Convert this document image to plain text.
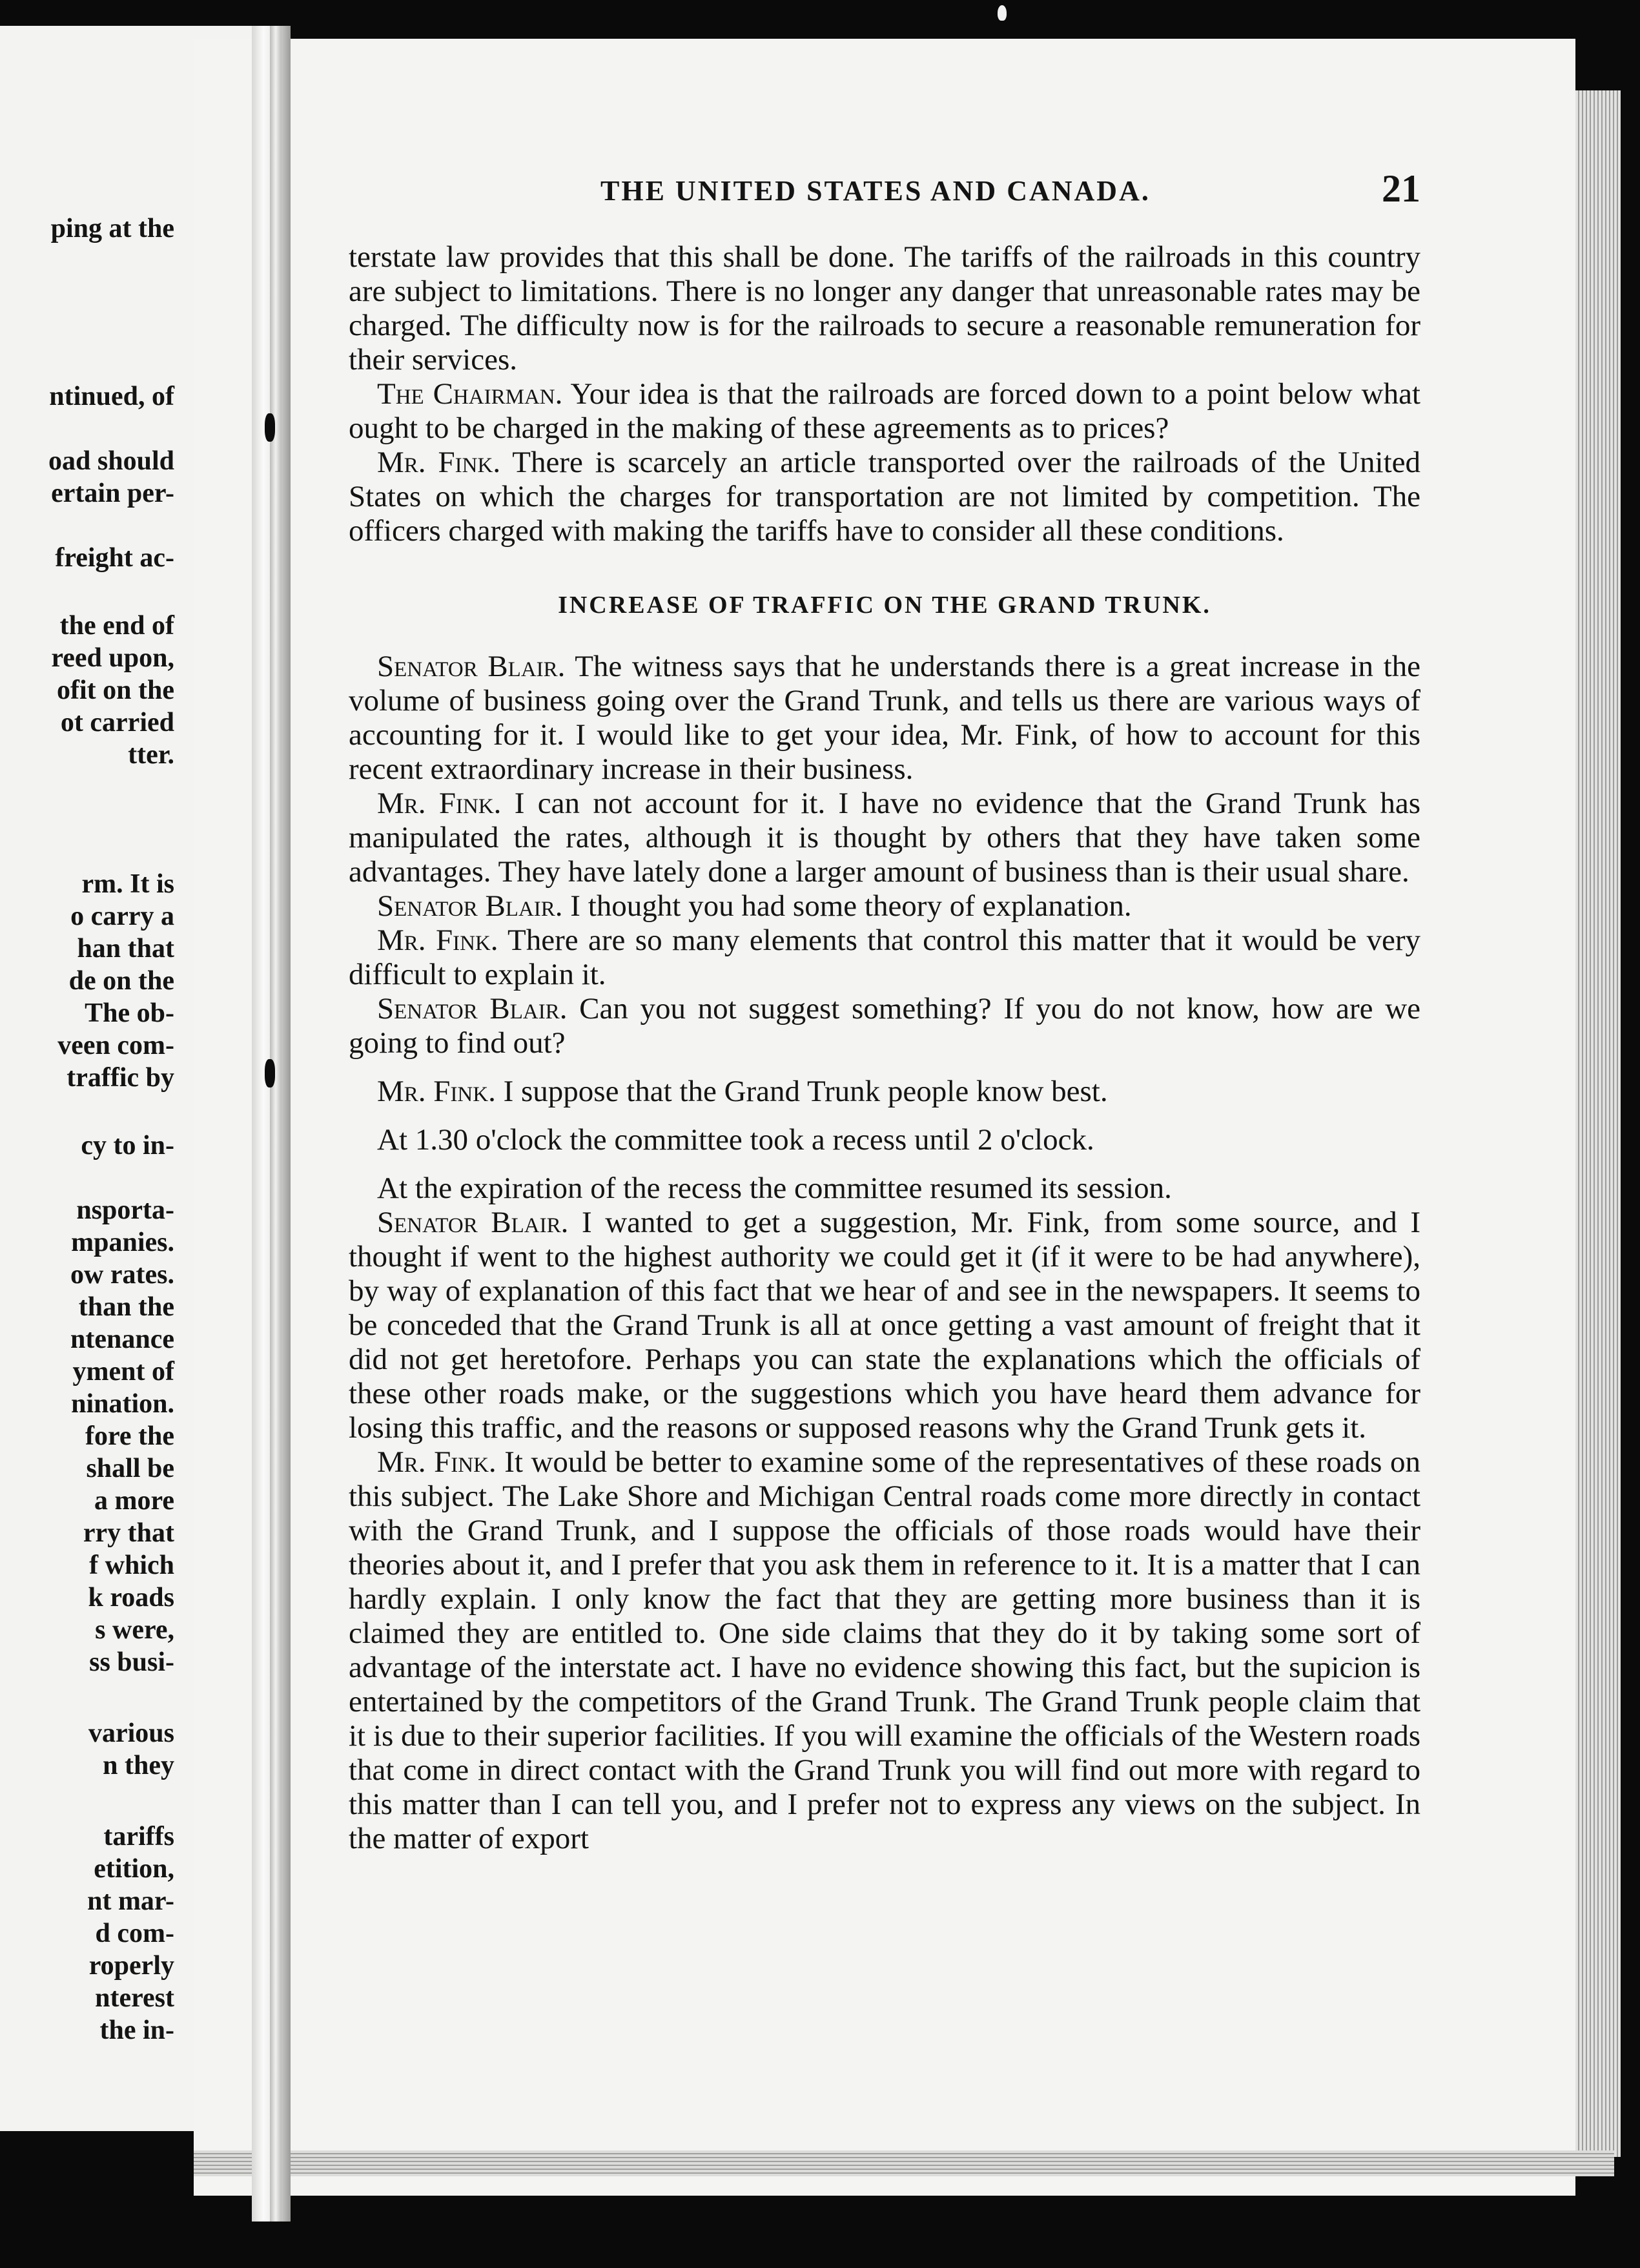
ping at the
ntinued, of
oad should
ertain per-
freight ac-
the end of
reed upon,
ofit on the
ot carried
tter.
rm. It is
o carry a
han that
de on the
The ob-
veen com-
traffic by
cy to in-
nsporta-
mpanies.
ow rates.
than the
ntenance
yment of
nination.
fore the
shall be
a more
rry that
f which
k roads
s were,
ss busi-
various
n they
tariffs
etition,
nt mar-
d com-
roperly
nterest
the in-
THE UNITED STATES AND CANADA.	21

terstate law provides that this shall be done. The tariffs of the railroads in this country are subject to limitations. There is no longer any danger that unreasonable rates may be charged. The difficulty now is for the railroads to secure a reasonable remuneration for their services.

The Chairman. Your idea is that the railroads are forced down to a point below what ought to be charged in the making of these agreements as to prices?

Mr. Fink. There is scarcely an article transported over the railroads of the United States on which the charges for transportation are not limited by competition. The officers charged with making the tariffs have to consider all these conditions.

INCREASE OF TRAFFIC ON THE GRAND TRUNK.

Senator Blair. The witness says that he understands there is a great increase in the volume of business going over the Grand Trunk, and tells us there are various ways of accounting for it. I would like to get your idea, Mr. Fink, of how to account for this recent extraordinary increase in their business.

Mr. Fink. I can not account for it. I have no evidence that the Grand Trunk has manipulated the rates, although it is thought by others that they have taken some advantages. They have lately done a larger amount of business than is their usual share.

Senator Blair. I thought you had some theory of explanation.

Mr. Fink. There are so many elements that control this matter that it would be very difficult to explain it.

Senator Blair. Can you not suggest something? If you do not know, how are we going to find out?

Mr. Fink. I suppose that the Grand Trunk people know best.

At 1.30 o'clock the committee took a recess until 2 o'clock.

At the expiration of the recess the committee resumed its session.

Senator Blair. I wanted to get a suggestion, Mr. Fink, from some source, and I thought if went to the highest authority we could get it (if it were to be had anywhere), by way of explanation of this fact that we hear of and see in the newspapers. It seems to be conceded that the Grand Trunk is all at once getting a vast amount of freight that it did not get heretofore. Perhaps you can state the explanations which the officials of these other roads make, or the suggestions which you have heard them advance for losing this traffic, and the reasons or supposed reasons why the Grand Trunk gets it.

Mr. Fink. It would be better to examine some of the representatives of these roads on this subject. The Lake Shore and Michigan Central roads come more directly in contact with the Grand Trunk, and I suppose the officials of those roads would have their theories about it, and I prefer that you ask them in reference to it. It is a matter that I can hardly explain. I only know the fact that they are getting more business than it is claimed they are entitled to. One side claims that they do it by taking some sort of advantage of the interstate act. I have no evidence showing this fact, but the supicion is entertained by the competitors of the Grand Trunk. The Grand Trunk people claim that it is due to their superior facilities. If you will examine the officials of the Western roads that come in direct contact with the Grand Trunk you will find out more with regard to this matter than I can tell you, and I prefer not to express any views on the subject. In the matter of export
